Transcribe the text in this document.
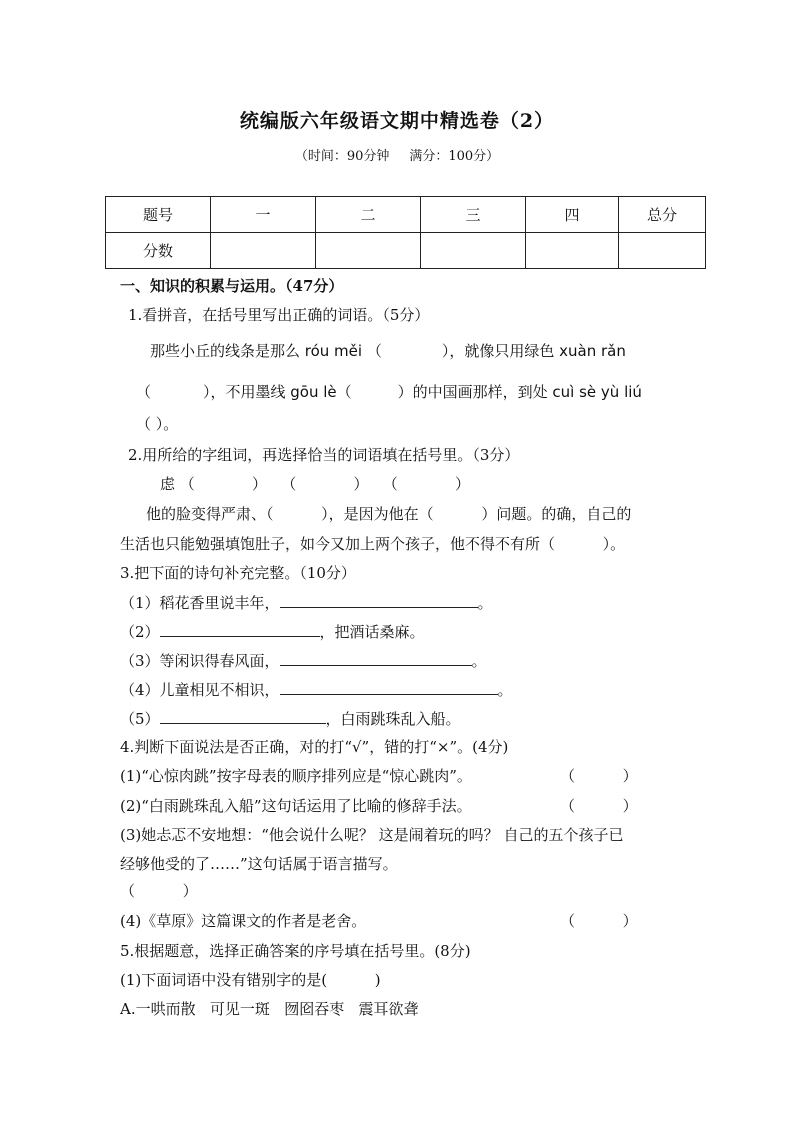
统编版六年级语文期中精选卷（2）
（时间：90分钟 满分：100分）
题号	一	二	三	四	总分
分数					
一、知识的积累与运用。（47分）
1.看拼音，在括号里写出正确的词语。（5分）
那些小丘的线条是那么 róu měi （	），就像只用绿色 xuàn rǎn
（	），不用墨线 gōu lè（	）的中国画那样，到处 cuì sè yù liú
（ ）。
2.用所给的字组词，再选择恰当的词语填在括号里。（3分）
虑 （            ）   （            ）   （            ）
他的脸变得严肃、（          ），是因为他在（          ）问题。的确，自己的
生活也只能勉强填饱肚子，如今又加上两个孩子，他不得不有所（          ）。
3.把下面的诗句补充完整。（10分）
（1）稻花香里说丰年，	。
（2）	，把酒话桑麻。
（3）等闲识得春风面，	。
（4）儿童相见不相识，	。
（5）	，白雨跳珠乱入船。
4.判断下面说法是否正确，对的打“√”，错的打“×”。(4分)
(1)“心惊肉跳”按字母表的顺序排列应是“惊心跳肉”。	（          ）
(2)“白雨跳珠乱入船”这句话运用了比喻的修辞手法。	（          ）
(3)她忐忑不安地想：“他会说什么呢？ 这是闹着玩的吗？ 自己的五个孩子已
经够他受的了……”这句话属于语言描写。
（          ）
(4)《草原》这篇课文的作者是老舍。	（          ）
5.根据题意，选择正确答案的序号填在括号里。(8分)
(1)下面词语中没有错别字的是(          )
A.一哄而散   可见一斑   囫囵吞枣   震耳欲聋
